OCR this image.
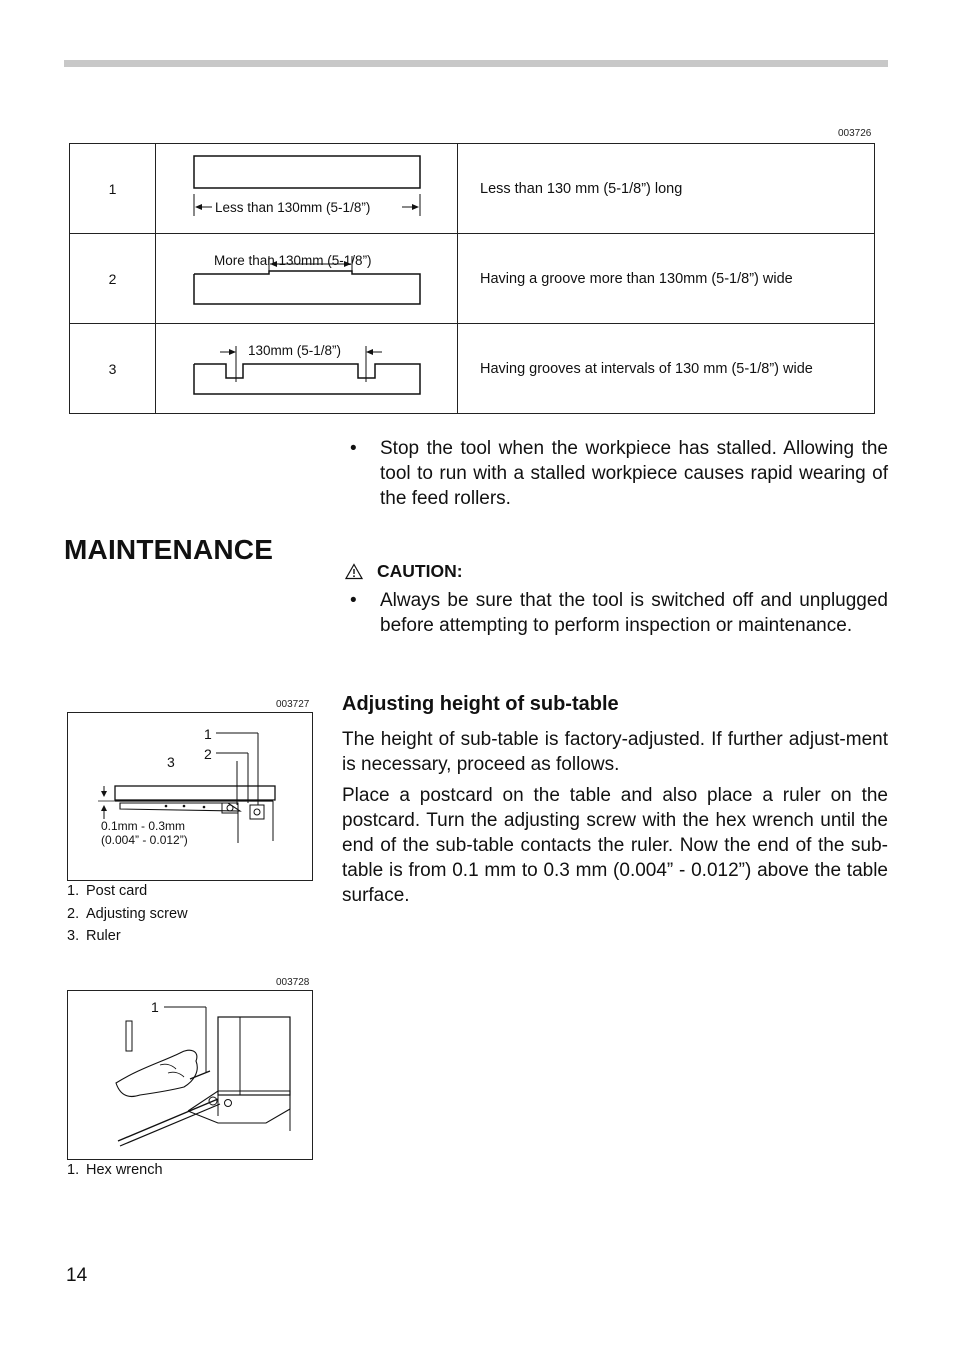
003726
1	Less than 130mm (5-1/8”)	Less than 130 mm (5-1/8”) long
2	More than 130mm (5-1/8”)	Having a groove more than 130mm (5-1/8”) wide
3	130mm (5-1/8”)	Having grooves at intervals of 130 mm (5-1/8”) wide
•	Stop the tool when the workpiece has stalled. Allowing the tool to run with a stalled workpiece causes rapid wearing of the feed rollers.
MAINTENANCE
CAUTION:
•	Always be sure that the tool is switched off and unplugged before attempting to perform inspection or maintenance.
Adjusting height of sub-table
The height of sub-table is factory-adjusted. If further adjust-ment is necessary, proceed as follows.
Place a postcard on the table and also place a ruler on the postcard. Turn the adjusting screw with the hex wrench until the end of the sub-table contacts the ruler. Now the end of the sub-table is from 0.1 mm to 0.3 mm (0.004” - 0.012”) above the table surface.
003727
1
2
3
0.1mm - 0.3mm
(0.004” - 0.012”)
1. Post card
2. Adjusting screw
3. Ruler
003728
1
1. Hex wrench
14
